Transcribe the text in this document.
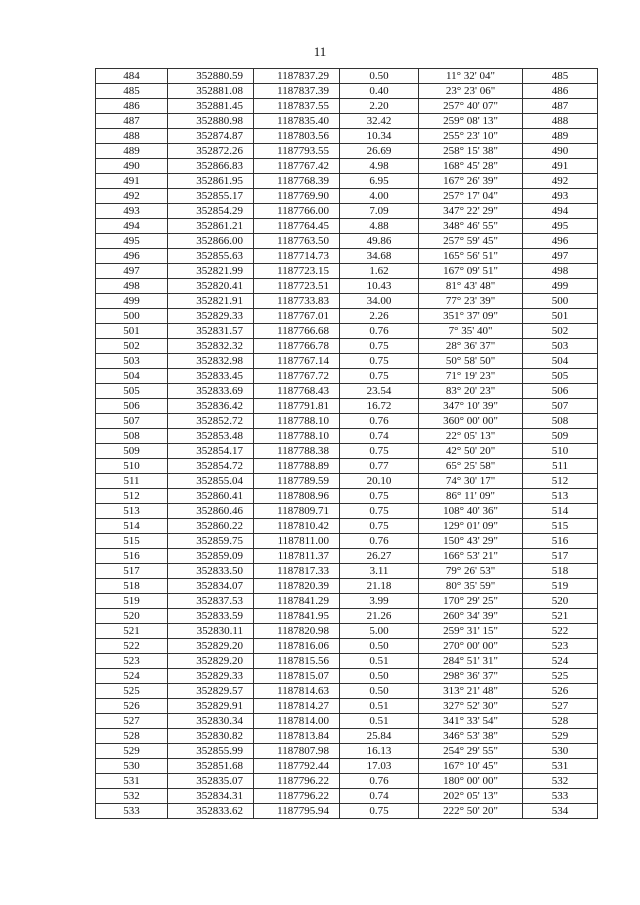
11
484	352880.59	1187837.29	0.50	11° 32' 04"	485
485	352881.08	1187837.39	0.40	23° 23' 06"	486
486	352881.45	1187837.55	2.20	257° 40' 07"	487
487	352880.98	1187835.40	32.42	259° 08' 13"	488
488	352874.87	1187803.56	10.34	255° 23' 10"	489
489	352872.26	1187793.55	26.69	258° 15' 38"	490
490	352866.83	1187767.42	4.98	168° 45' 28"	491
491	352861.95	1187768.39	6.95	167° 26' 39"	492
492	352855.17	1187769.90	4.00	257° 17' 04"	493
493	352854.29	1187766.00	7.09	347° 22' 29"	494
494	352861.21	1187764.45	4.88	348° 46' 55"	495
495	352866.00	1187763.50	49.86	257° 59' 45"	496
496	352855.63	1187714.73	34.68	165° 56' 51"	497
497	352821.99	1187723.15	1.62	167° 09' 51"	498
498	352820.41	1187723.51	10.43	81° 43' 48"	499
499	352821.91	1187733.83	34.00	77° 23' 39"	500
500	352829.33	1187767.01	2.26	351° 37' 09"	501
501	352831.57	1187766.68	0.76	7° 35' 40"	502
502	352832.32	1187766.78	0.75	28° 36' 37"	503
503	352832.98	1187767.14	0.75	50° 58' 50"	504
504	352833.45	1187767.72	0.75	71° 19' 23"	505
505	352833.69	1187768.43	23.54	83° 20' 23"	506
506	352836.42	1187791.81	16.72	347° 10' 39"	507
507	352852.72	1187788.10	0.76	360° 00' 00"	508
508	352853.48	1187788.10	0.74	22° 05' 13"	509
509	352854.17	1187788.38	0.75	42° 50' 20"	510
510	352854.72	1187788.89	0.77	65° 25' 58"	511
511	352855.04	1187789.59	20.10	74° 30' 17"	512
512	352860.41	1187808.96	0.75	86° 11' 09"	513
513	352860.46	1187809.71	0.75	108° 40' 36"	514
514	352860.22	1187810.42	0.75	129° 01' 09"	515
515	352859.75	1187811.00	0.76	150° 43' 29"	516
516	352859.09	1187811.37	26.27	166° 53' 21"	517
517	352833.50	1187817.33	3.11	79° 26' 53"	518
518	352834.07	1187820.39	21.18	80° 35' 59"	519
519	352837.53	1187841.29	3.99	170° 29' 25"	520
520	352833.59	1187841.95	21.26	260° 34' 39"	521
521	352830.11	1187820.98	5.00	259° 31' 15"	522
522	352829.20	1187816.06	0.50	270° 00' 00"	523
523	352829.20	1187815.56	0.51	284° 51' 31"	524
524	352829.33	1187815.07	0.50	298° 36' 37"	525
525	352829.57	1187814.63	0.50	313° 21' 48"	526
526	352829.91	1187814.27	0.51	327° 52' 30"	527
527	352830.34	1187814.00	0.51	341° 33' 54"	528
528	352830.82	1187813.84	25.84	346° 53' 38"	529
529	352855.99	1187807.98	16.13	254° 29' 55"	530
530	352851.68	1187792.44	17.03	167° 10' 45"	531
531	352835.07	1187796.22	0.76	180° 00' 00"	532
532	352834.31	1187796.22	0.74	202° 05' 13"	533
533	352833.62	1187795.94	0.75	222° 50' 20"	534
